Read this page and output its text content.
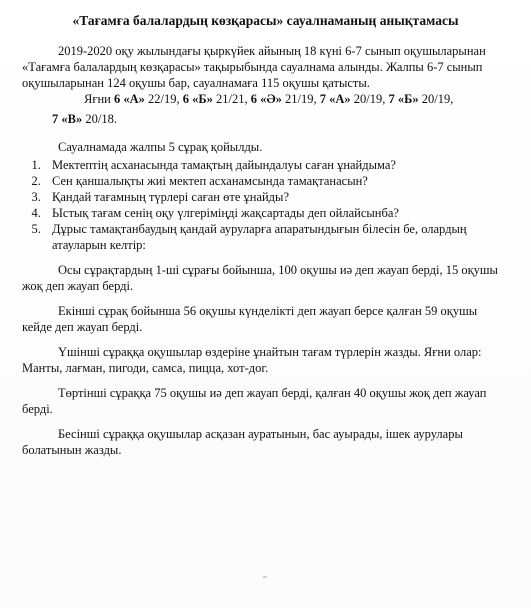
«Тағамға балалардың көзқарасы» сауалнаманың анықтамасы

2019-2020 оқу жылындағы қыркүйек айының 18 күні 6-7 сынып оқушыларынан «Тағамға балалардың көзқарасы» тақырыбында сауалнама алынды. Жалпы 6-7 сынып оқушыларынан 124 оқушы бар, сауалнамаға 115 оқушы қатысты.

Яғни 6 «А» 22/19, 6 «Б» 21/21, 6 «Ә» 21/19, 7 «А» 20/19, 7 «Б» 20/19,

7 «В» 20/18.

Сауалнамада жалпы 5 сұрақ қойылды.

1. Мектептің асханасында тамақтың дайындалуы саған ұнайдыма?
2. Сен қаншалықты жиі мектеп асханамсында тамақтанасын?
3. Қандай тағамның түрлері саған өте ұнайды?
4. Ыстық тағам сенің оқу үлгеріміңді жақсартады деп ойлайсынба?
5. Дұрыс тамақтанбаудың қандай ауруларға апаратындығын білесін бе, олардың атауларын келтір:

Осы сұрақтардың 1-ші сұрағы бойынша, 100 оқушы иә деп жауап берді, 15 оқушы жоқ деп жауап берді.

Екінші сұрақ бойынша 56 оқушы күнделікті деп жауап берсе қалған 59 оқушы кейде деп жауап берді.

Үшінші сұраққа оқушылар өздеріне ұнайтын тағам түрлерін жазды. Яғни олар: Манты, лағман, пигоди, самса, пицца, хот-дог.

Төртінші сұраққа 75 оқушы иә деп жауап берді, қалған 40 оқушы жоқ деп жауап берді.

Бесінші сұраққа оқушылар асқазан ауратынын, бас ауырады, ішек аурулары болатынын жазды.
